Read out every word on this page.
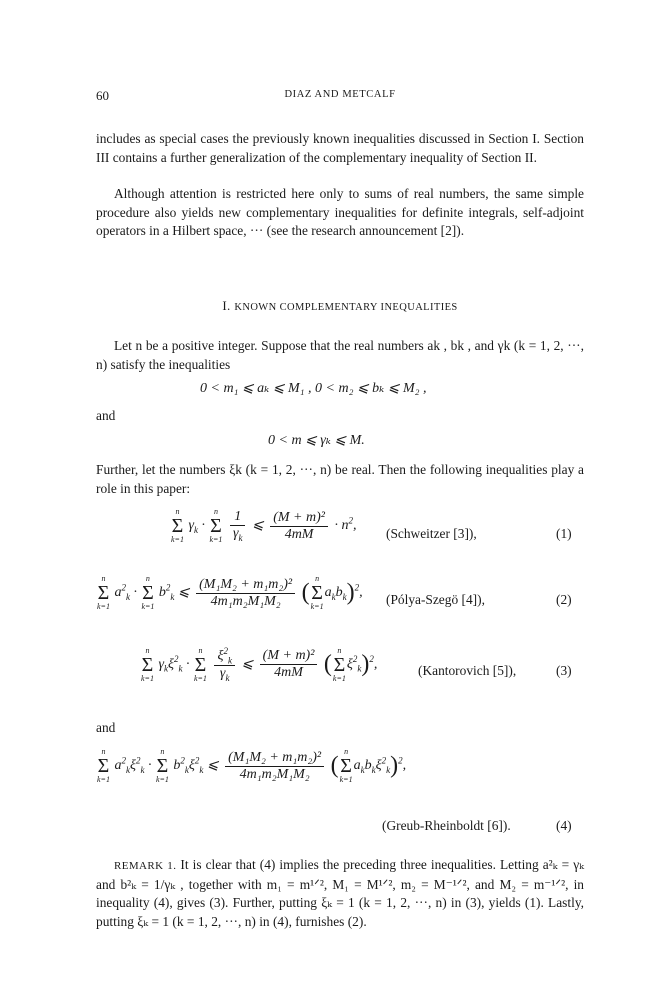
60	DIAZ AND METCALF
includes as special cases the previously known inequalities discussed in Section I. Section III contains a further generalization of the complementary inequality of Section II.
Although attention is restricted here only to sums of real numbers, the same simple procedure also yields new complementary inequalities for definite integrals, self-adjoint operators in a Hilbert space, ··· (see the research announcement [2]).
I. KNOWN COMPLEMENTARY INEQUALITIES
Let n be a positive integer. Suppose that the real numbers ak , bk , and γk (k = 1, 2, ···, n) satisfy the inequalities
0 < m₁ ⩽ aₖ ⩽ M₁ , 0 < m₂ ⩽ bₖ ⩽ M₂ ,
and
0 < m ⩽ γₖ ⩽ M.
Further, let the numbers ξk (k = 1, 2, ···, n) be real. Then the following inequalities play a role in this paper:
n
Σ
k=1
$\gamma_k$ ·
n
Σ
k=1
$\frac{1}{\gamma_k}$ ⩽ $\frac{\text{(M + m)²}}{4mM} \cdot n^2$,
(Schweitzer [3]),	(1)
n
Σ
k=1
$a^2_k$ ·
n
Σ
k=1
$b^2_k$ ⩽ $\frac{\text{(M₁M₂ + m₁m₂)²}}{\text{4m₁m₂M₁M₂}}$ (
n
Σ
k=1
$a_kb_k)^2$, (Pólya-Szegö [4]),	(2)
n
Σ
k=1
$\gamma_k\xi^2_k$ ·
n
Σ
k=1
$\frac{\xi^2_k}{\gamma_k}$ ⩽ $\frac{\text{(M + m)²}}{4mM}$ (
n
Σ
k=1
$\xi^2_k)^2$,	(Kantorovich [5]),	(3)
and
n
Σ
k=1
$a^2_k\xi^2_k$ ·
n
Σ
k=1
$b^2_k\xi^2_k$ ⩽ $\frac{\text{(M₁M₂ + m₁m₂)²}}{\text{4m₁m₂M₁M₂}}$ (
n
Σ
k=1
$a_kb_k\xi^2_k)^2$,
(Greub-Rheinboldt [6]).	(4)
REMARK 1. It is clear that (4) implies the preceding three inequalities. Letting a²ₖ = γₖ and b²ₖ = 1/γₖ , together with m₁ = m¹ᐟ², M₁ = M¹ᐟ², m₂ = M⁻¹ᐟ², and M₂ = m⁻¹ᐟ², in inequality (4), gives (3). Further, putting ξₖ = 1 (k = 1, 2, ···, n) in (3), yields (1). Lastly, putting ξₖ = 1 (k = 1, 2, ···, n) in (4), furnishes (2).
